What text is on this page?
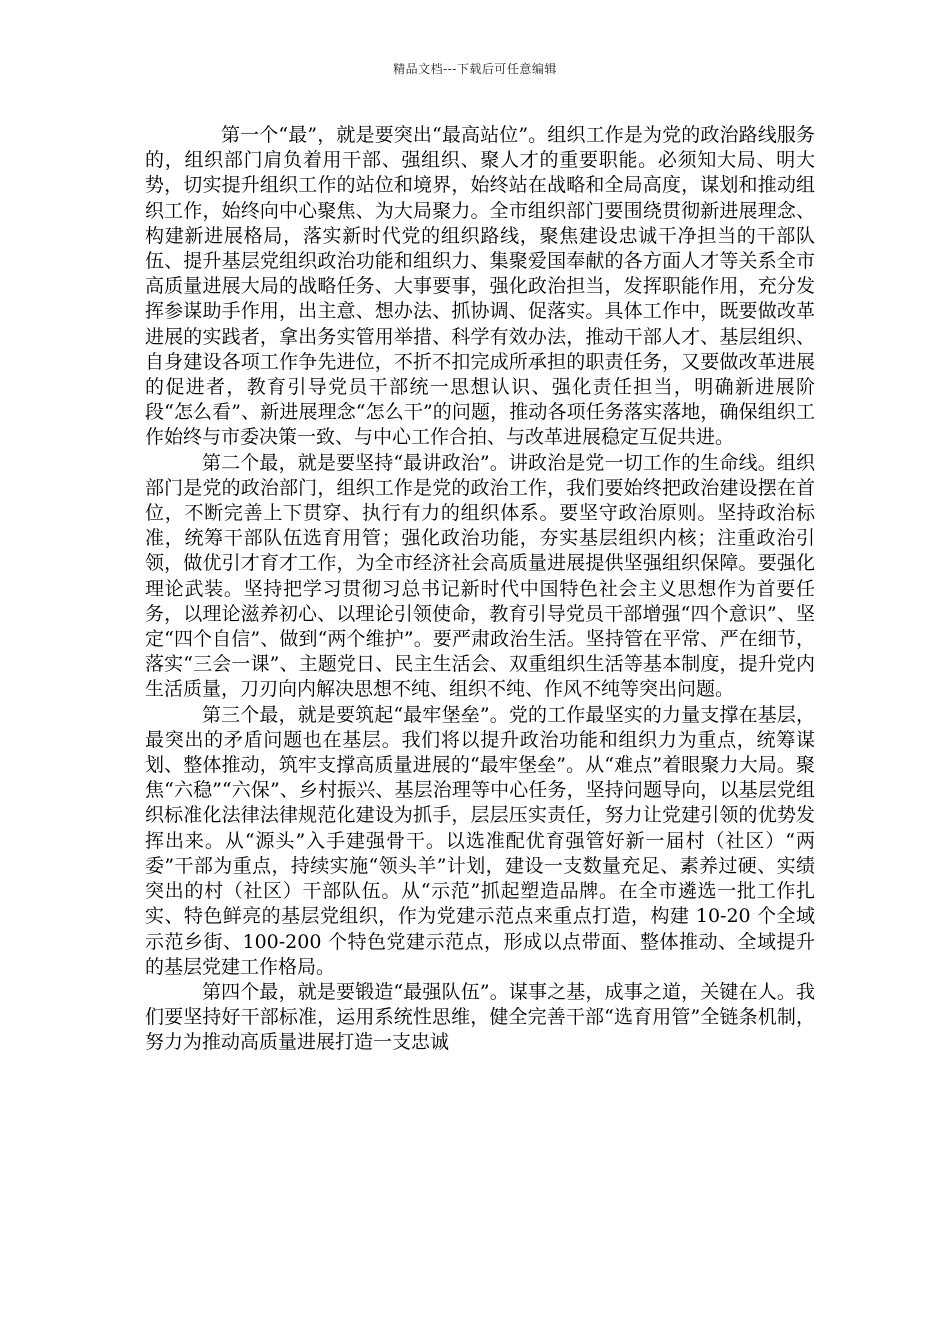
精品文档---下载后可任意编辑

第一个“最”，就是要突出“最高站位”。组织工作是为党的政治路线服务的，组织部门肩负着用干部、强组织、聚人才的重要职能。必须知大局、明大势，切实提升组织工作的站位和境界，始终站在战略和全局高度，谋划和推动组织工作，始终向中心聚焦、为大局聚力。全市组织部门要围绕贯彻新进展理念、构建新进展格局，落实新时代党的组织路线，聚焦建设忠诚干净担当的干部队伍、提升基层党组织政治功能和组织力、集聚爱国奉献的各方面人才等关系全市高质量进展大局的战略任务、大事要事，强化政治担当，发挥职能作用，充分发挥参谋助手作用，出主意、想办法、抓协调、促落实。具体工作中，既要做改革进展的实践者，拿出务实管用举措、科学有效办法，推动干部人才、基层组织、自身建设各项工作争先进位，不折不扣完成所承担的职责任务，又要做改革进展的促进者，教育引导党员干部统一思想认识、强化责任担当，明确新进展阶段“怎么看”、新进展理念“怎么干”的问题，推动各项任务落实落地，确保组织工作始终与市委决策一致、与中心工作合拍、与改革进展稳定互促共进。

第二个最，就是要坚持“最讲政治”。讲政治是党一切工作的生命线。组织部门是党的政治部门，组织工作是党的政治工作，我们要始终把政治建设摆在首位，不断完善上下贯穿、执行有力的组织体系。要坚守政治原则。坚持政治标准，统筹干部队伍选育用管；强化政治功能，夯实基层组织内核；注重政治引领，做优引才育才工作，为全市经济社会高质量进展提供坚强组织保障。要强化理论武装。坚持把学习贯彻习总书记新时代中国特色社会主义思想作为首要任务，以理论滋养初心、以理论引领使命，教育引导党员干部增强“四个意识”、坚定“四个自信”、做到“两个维护”。要严肃政治生活。坚持管在平常、严在细节，落实“三会一课”、主题党日、民主生活会、双重组织生活等基本制度，提升党内生活质量，刀刃向内解决思想不纯、组织不纯、作风不纯等突出问题。

第三个最，就是要筑起“最牢堡垒”。党的工作最坚实的力量支撑在基层，最突出的矛盾问题也在基层。我们将以提升政治功能和组织力为重点，统筹谋划、整体推动，筑牢支撑高质量进展的“最牢堡垒”。从“难点”着眼聚力大局。聚焦“六稳”“六保”、乡村振兴、基层治理等中心任务，坚持问题导向，以基层党组织标准化法律法律规范化建设为抓手，层层压实责任，努力让党建引领的优势发挥出来。从“源头”入手建强骨干。以选准配优育强管好新一届村（社区）“两委”干部为重点，持续实施“领头羊”计划，建设一支数量充足、素养过硬、实绩突出的村（社区）干部队伍。从“示范”抓起塑造品牌。在全市遴选一批工作扎实、特色鲜亮的基层党组织，作为党建示范点来重点打造，构建 10-20 个全域示范乡街、100-200 个特色党建示范点，形成以点带面、整体推动、全域提升的基层党建工作格局。

第四个最，就是要锻造“最强队伍”。谋事之基，成事之道，关键在人。我们要坚持好干部标准，运用系统性思维，健全完善干部“选育用管”全链条机制，努力为推动高质量进展打造一支忠诚
